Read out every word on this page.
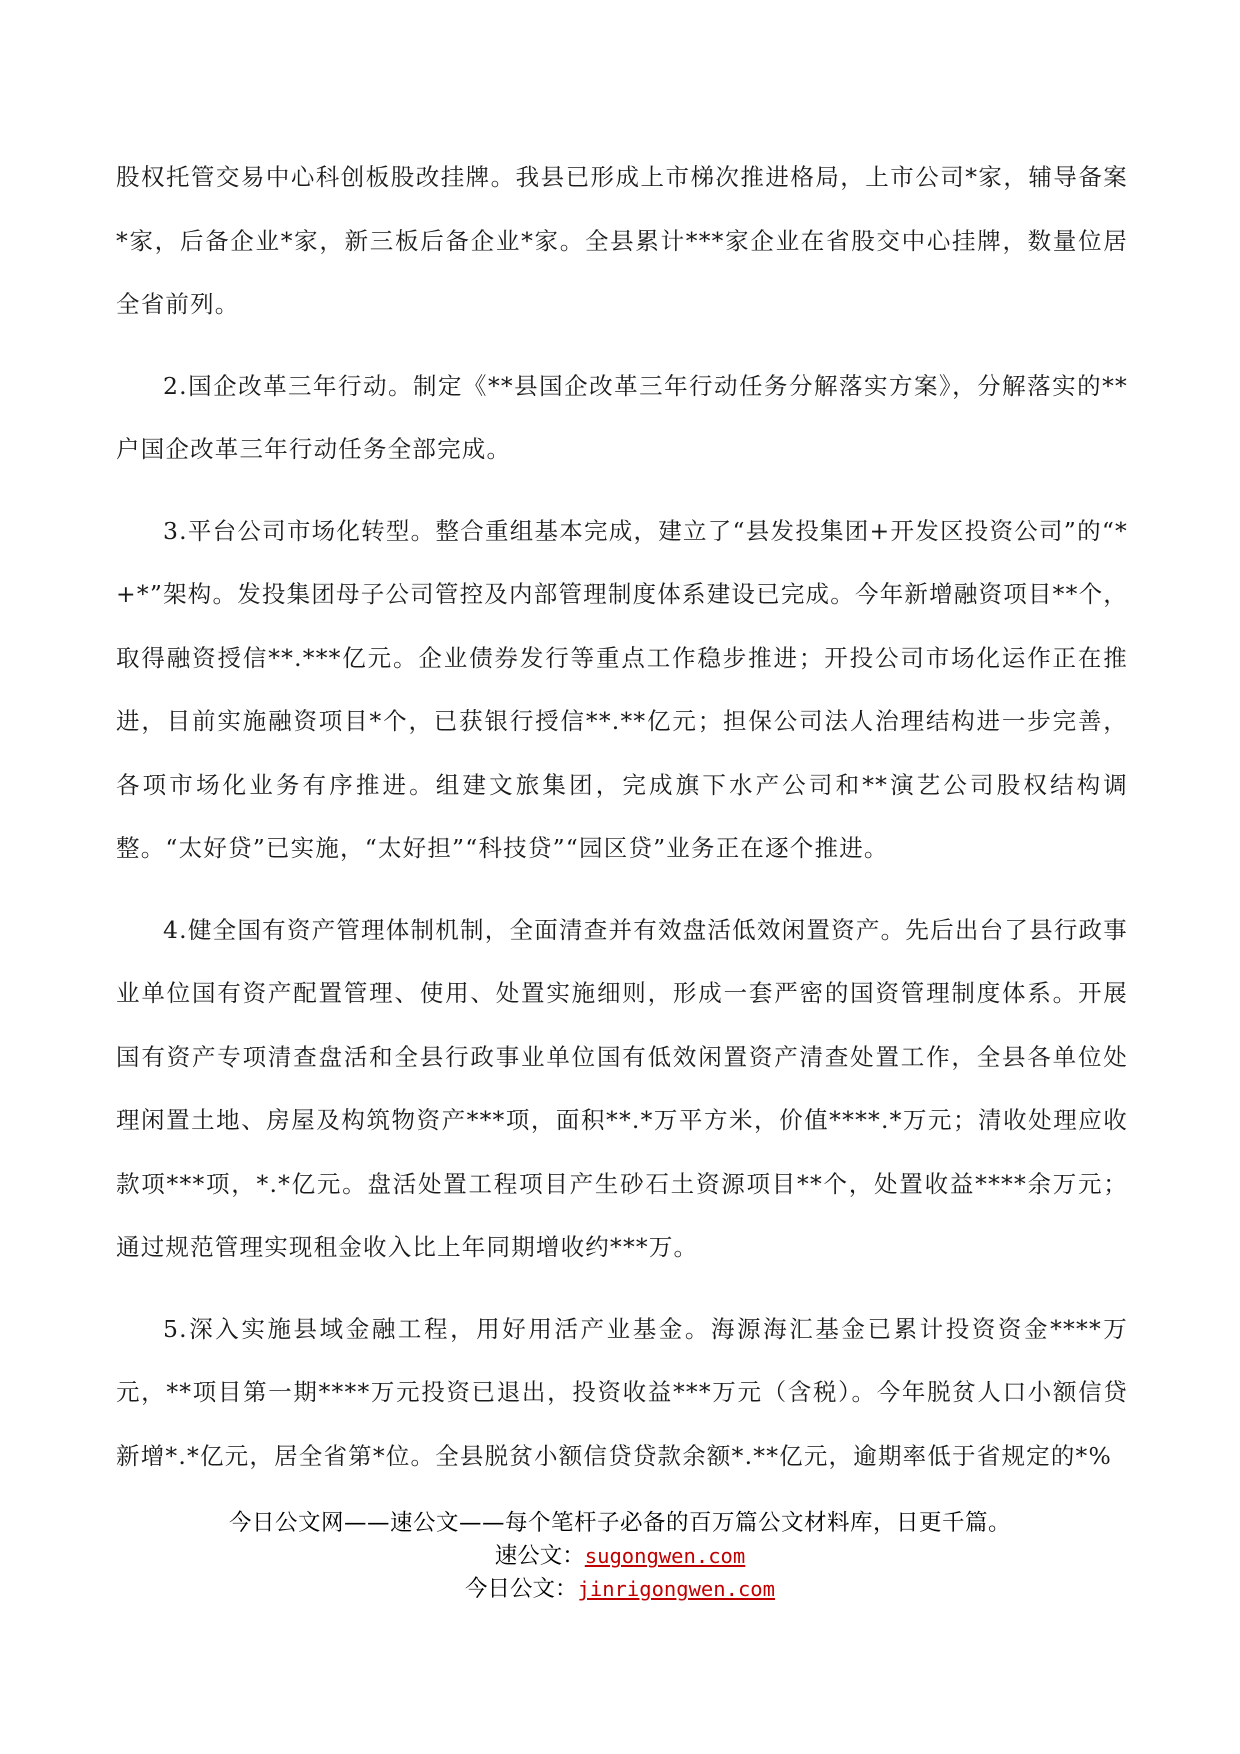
股权托管交易中心科创板股改挂牌。我县已形成上市梯次推进格局，上市公司*家，辅导备案*家，后备企业*家，新三板后备企业*家。全县累计***家企业在省股交中心挂牌，数量位居全省前列。

2.国企改革三年行动。制定《**县国企改革三年行动任务分解落实方案》，分解落实的**户国企改革三年行动任务全部完成。

3.平台公司市场化转型。整合重组基本完成，建立了“县发投集团+开发区投资公司”的“*+*”架构。发投集团母子公司管控及内部管理制度体系建设已完成。今年新增融资项目**个，取得融资授信**.***亿元。企业债券发行等重点工作稳步推进；开投公司市场化运作正在推进，目前实施融资项目*个，已获银行授信**.**亿元；担保公司法人治理结构进一步完善，各项市场化业务有序推进。组建文旅集团，完成旗下水产公司和**演艺公司股权结构调整。“太好贷”已实施，“太好担”“科技贷”“园区贷”业务正在逐个推进。

4.健全国有资产管理体制机制，全面清查并有效盘活低效闲置资产。先后出台了县行政事业单位国有资产配置管理、使用、处置实施细则，形成一套严密的国资管理制度体系。开展国有资产专项清查盘活和全县行政事业单位国有低效闲置资产清查处置工作，全县各单位处理闲置土地、房屋及构筑物资产***项，面积**.*万平方米，价值****.*万元；清收处理应收款项***项，*.*亿元。盘活处置工程项目产生砂石土资源项目**个，处置收益****余万元；通过规范管理实现租金收入比上年同期增收约***万。

5.深入实施县域金融工程，用好用活产业基金。海源海汇基金已累计投资资金****万元，**项目第一期****万元投资已退出，投资收益***万元（含税）。今年脱贫人口小额信贷新增*.*亿元，居全省第*位。全县脱贫小额信贷贷款余额*.**亿元，逾期率低于省规定的*%

今日公文网——速公文——每个笔杆子必备的百万篇公文材料库，日更千篇。

速公文：sugongwen.com

今日公文：jinrigongwen.com
